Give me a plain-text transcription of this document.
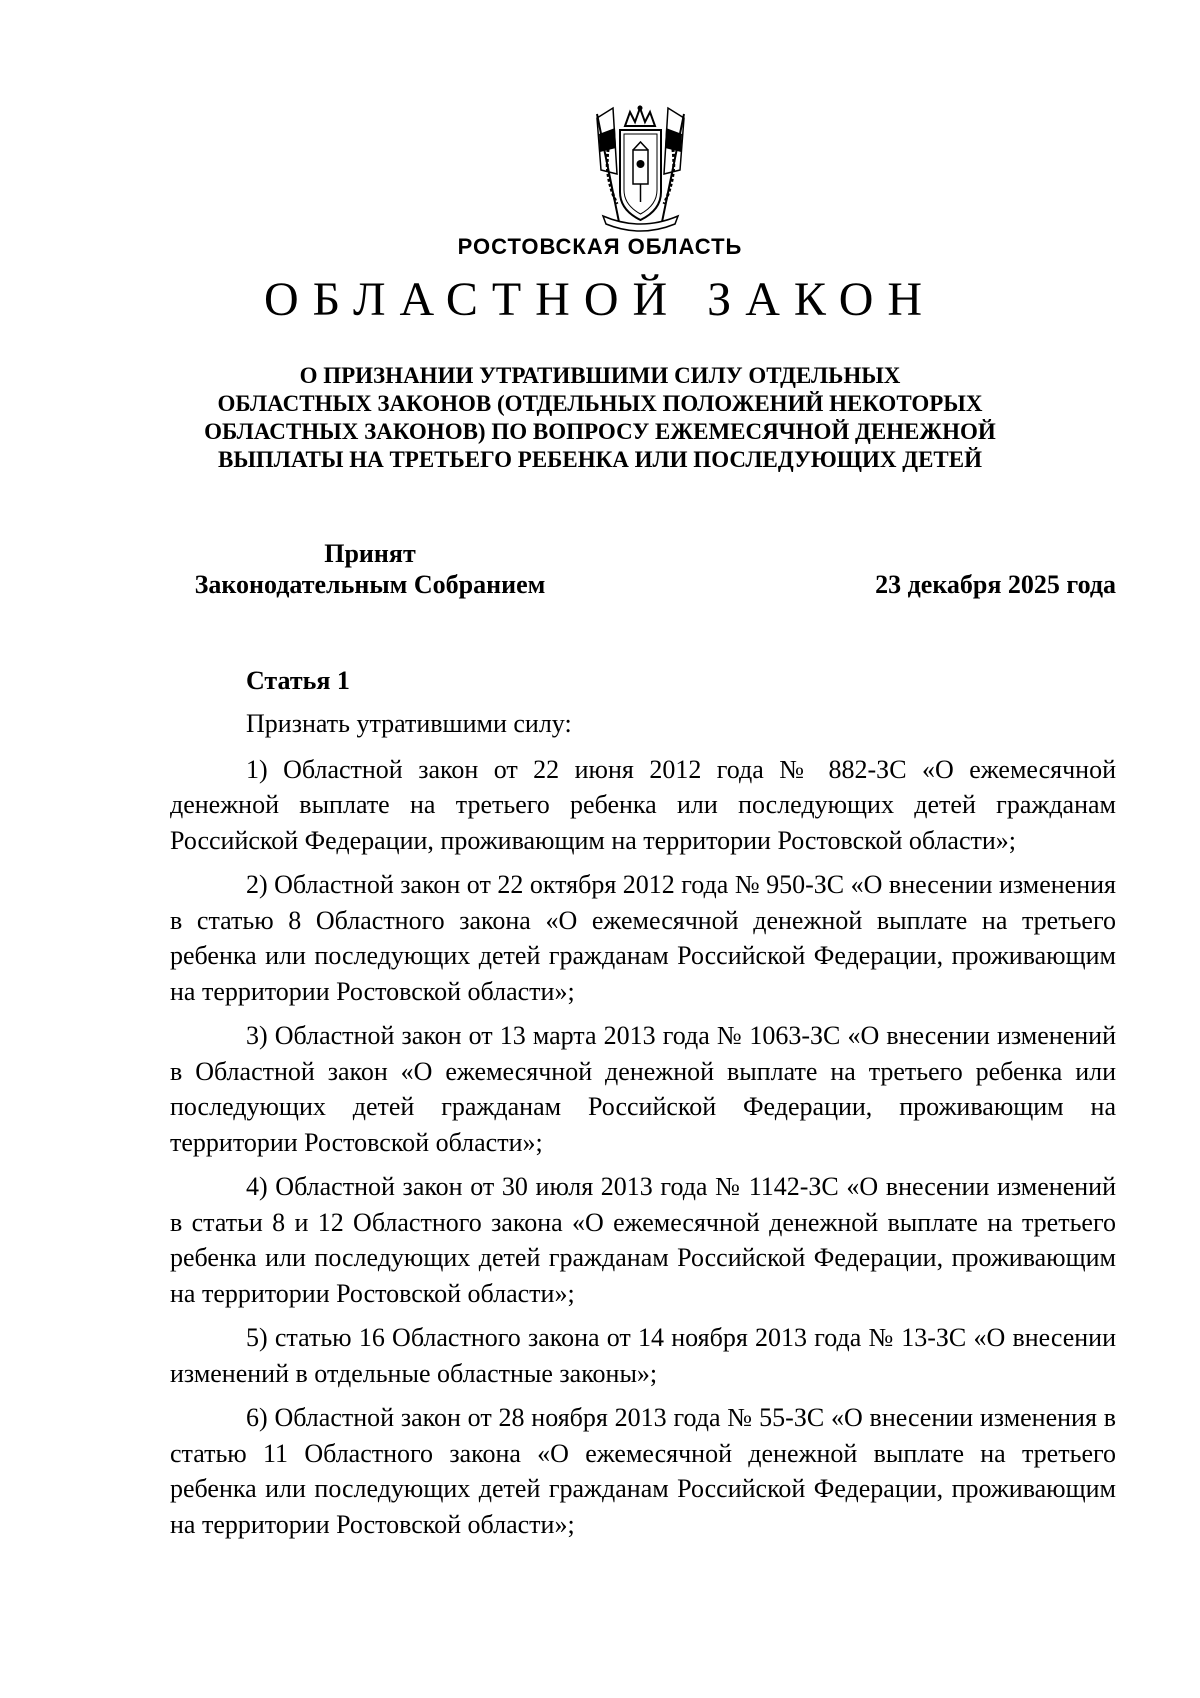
РОСТОВСКАЯ ОБЛАСТЬ
ОБЛАСТНОЙ ЗАКОН
О ПРИЗНАНИИ УТРАТИВШИМИ СИЛУ ОТДЕЛЬНЫХ
ОБЛАСТНЫХ ЗАКОНОВ (ОТДЕЛЬНЫХ ПОЛОЖЕНИЙ НЕКОТОРЫХ
ОБЛАСТНЫХ ЗАКОНОВ) ПО ВОПРОСУ ЕЖЕМЕСЯЧНОЙ ДЕНЕЖНОЙ
ВЫПЛАТЫ НА ТРЕТЬЕГО РЕБЕНКА ИЛИ ПОСЛЕДУЮЩИХ ДЕТЕЙ
Принят
Законодательным Собранием	23 декабря 2025 года
Статья 1

Признать утратившими силу:

1) Областной закон от 22 июня 2012 года № 882-ЗС «О ежемесячной денежной выплате на третьего ребенка или последующих детей гражданам Российской Федерации, проживающим на территории Ростовской области»;

2) Областной закон от 22 октября 2012 года № 950-ЗС «О внесении изменения в статью 8 Областного закона «О ежемесячной денежной выплате на третьего ребенка или последующих детей гражданам Российской Федерации, проживающим на территории Ростовской области»;

3) Областной закон от 13 марта 2013 года № 1063-ЗС «О внесении изменений в Областной закон «О ежемесячной денежной выплате на третьего ребенка или последующих детей гражданам Российской Федерации, проживающим на территории Ростовской области»;

4) Областной закон от 30 июля 2013 года № 1142-ЗС «О внесении изменений в статьи 8 и 12 Областного закона «О ежемесячной денежной выплате на третьего ребенка или последующих детей гражданам Российской Федерации, проживающим на территории Ростовской области»;

5) статью 16 Областного закона от 14 ноября 2013 года № 13-ЗС «О внесении изменений в отдельные областные законы»;

6) Областной закон от 28 ноября 2013 года № 55-ЗС «О внесении изменения в статью 11 Областного закона «О ежемесячной денежной выплате на третьего ребенка или последующих детей гражданам Российской Федерации, проживающим на территории Ростовской области»;
